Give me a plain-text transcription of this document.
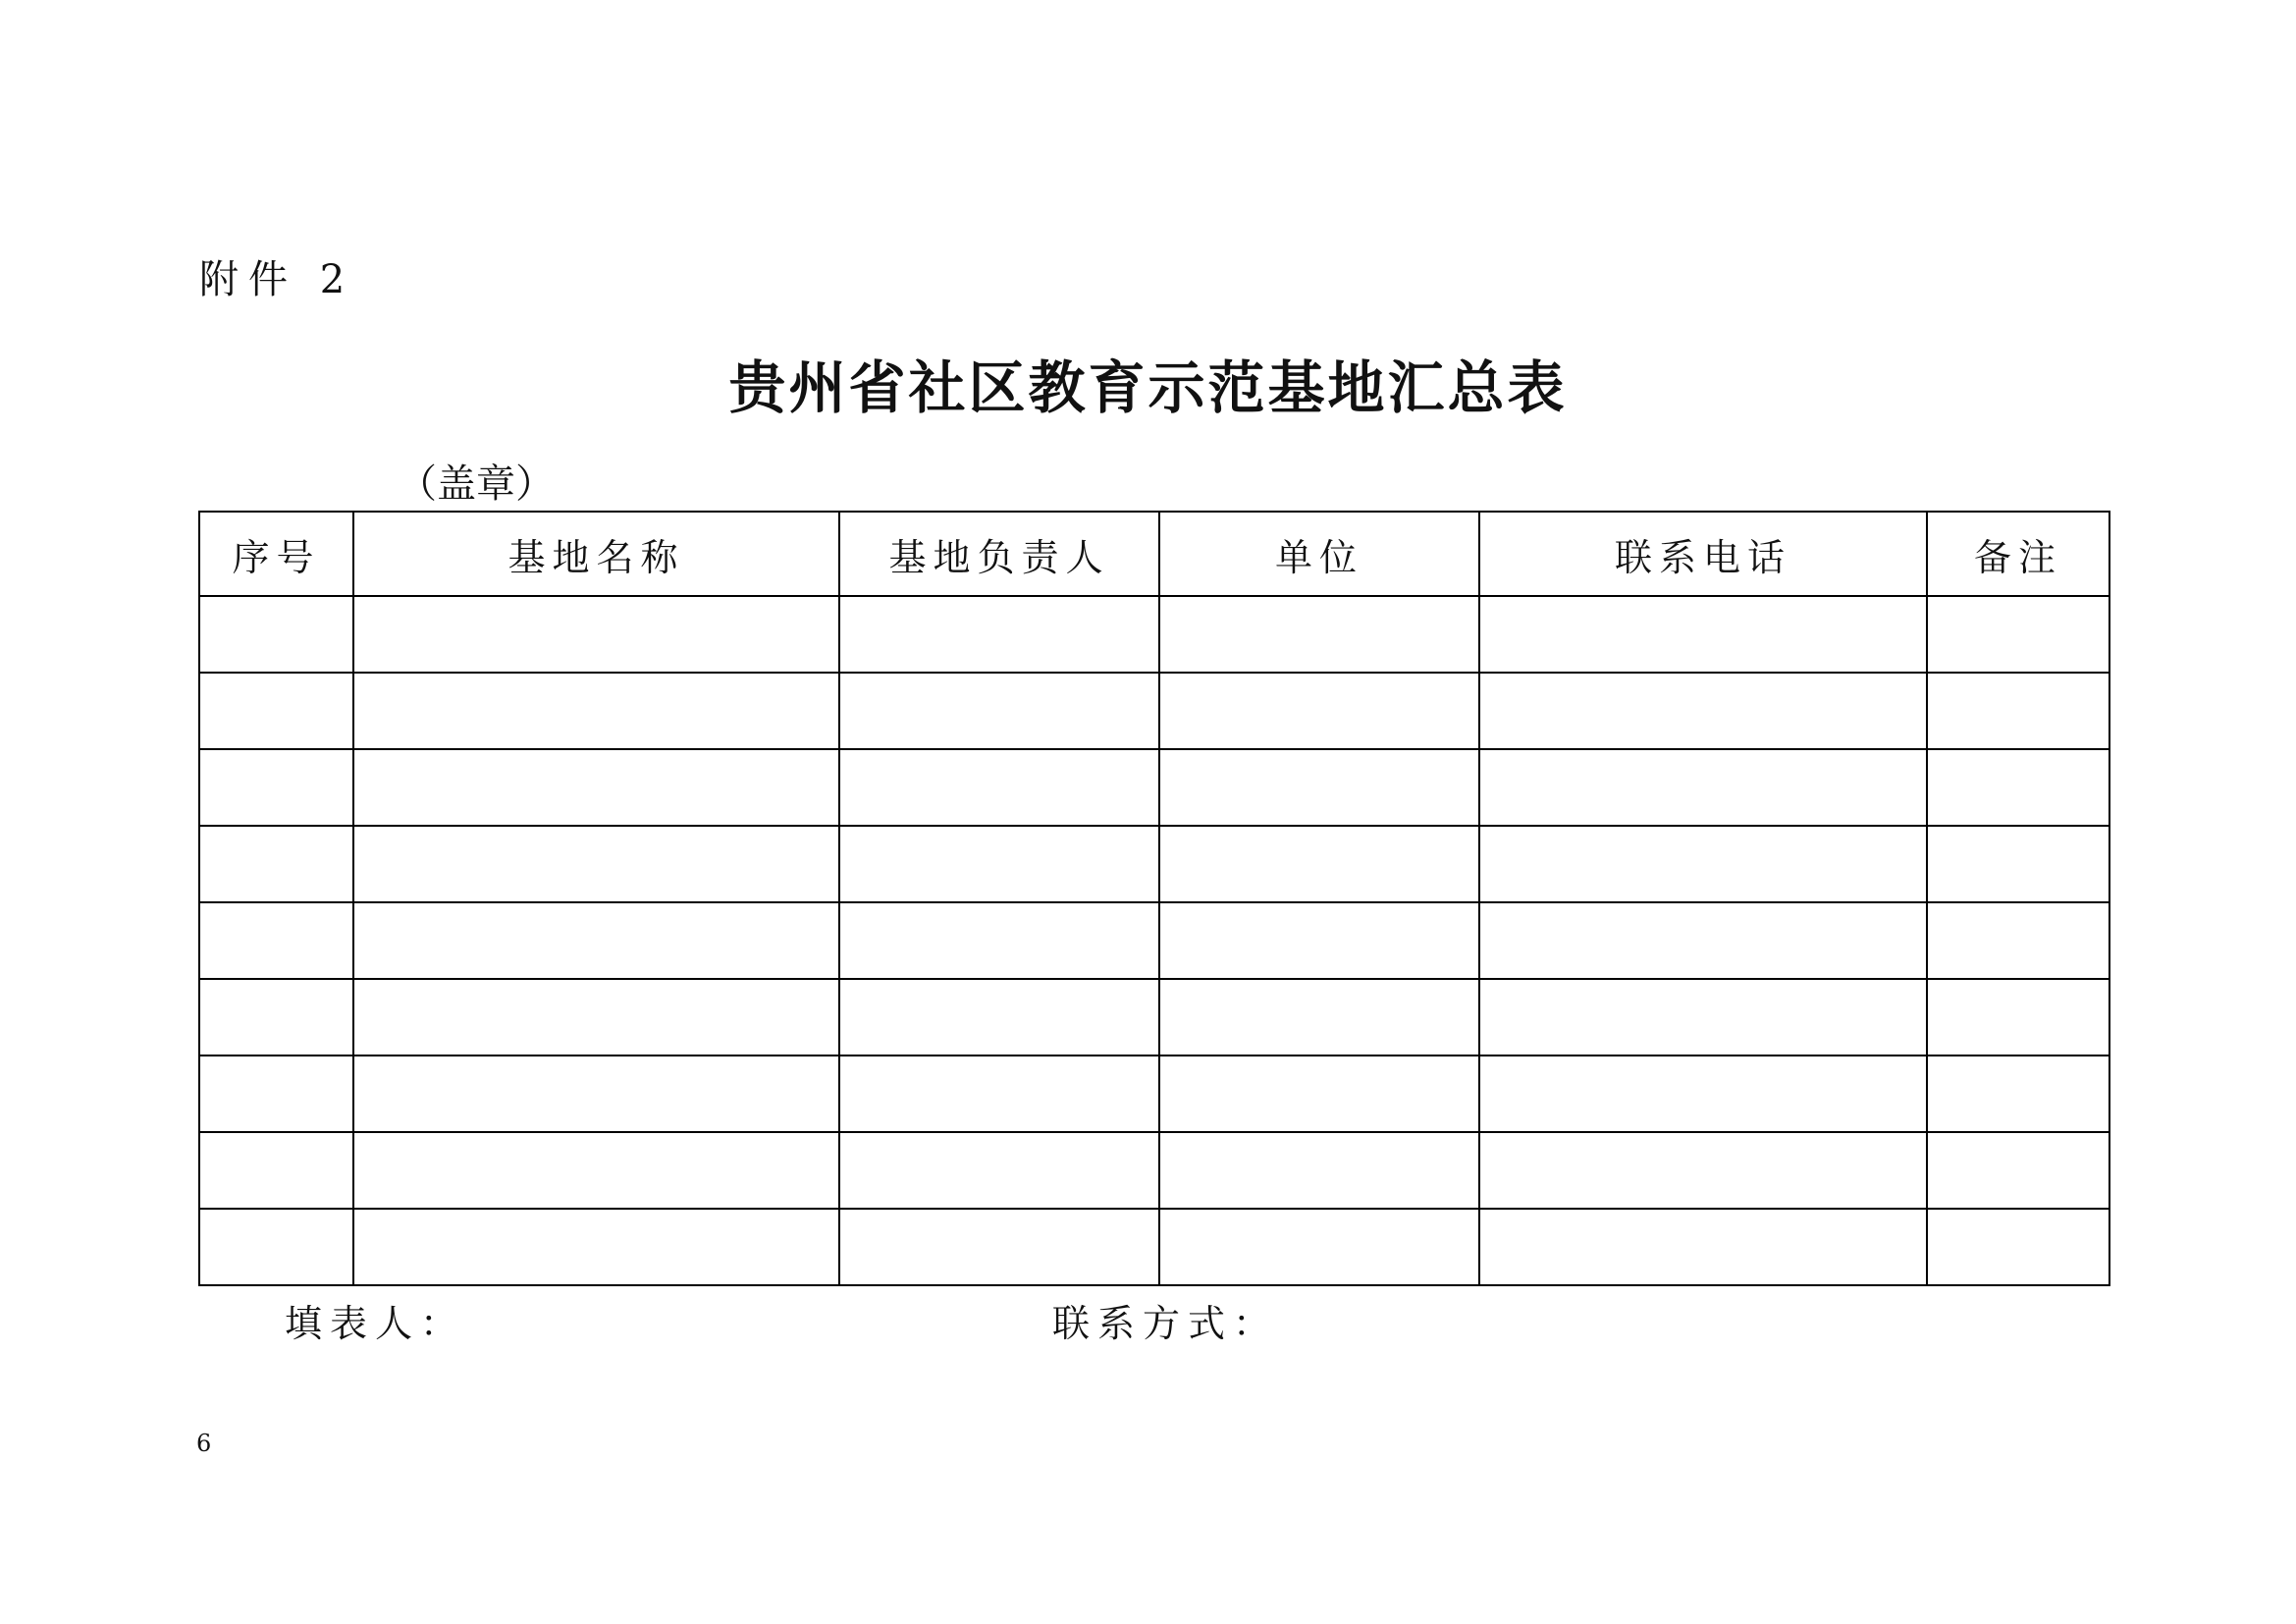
附件 2
贵州省社区教育示范基地汇总表
（盖章）
序号	基地名称	基地负责人	单位	联系电话	备注

填表人：	联系方式：
6
